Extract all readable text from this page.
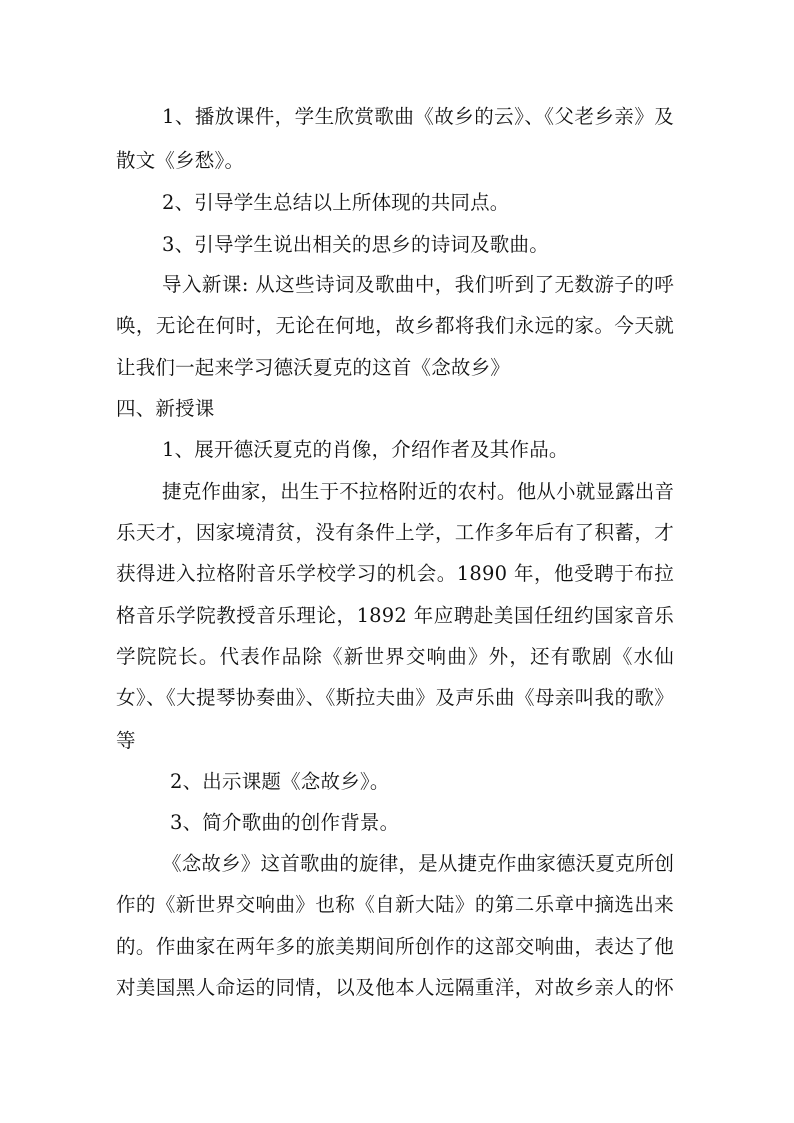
1、播放课件，学生欣赏歌曲《故乡的云》、《父老乡亲》及
散文《乡愁》。
2、引导学生总结以上所体现的共同点。
3、引导学生说出相关的思乡的诗词及歌曲。
导入新课: 从这些诗词及歌曲中，我们听到了无数游子的呼
唤，无论在何时，无论在何地，故乡都将我们永远的家。今天就
让我们一起来学习德沃夏克的这首《念故乡》
四、新授课
1、展开德沃夏克的肖像，介绍作者及其作品。
捷克作曲家，出生于不拉格附近的农村。他从小就显露出音
乐天才，因家境清贫，没有条件上学，工作多年后有了积蓄，才
获得进入拉格附音乐学校学习的机会。1890 年，他受聘于布拉
格音乐学院教授音乐理论，1892 年应聘赴美国任纽约国家音乐
学院院长。代表作品除《新世界交响曲》外，还有歌剧《水仙
女》、《大提琴协奏曲》、《斯拉夫曲》及声乐曲《母亲叫我的歌》
等
2、出示课题《念故乡》。
3、简介歌曲的创作背景。
《念故乡》这首歌曲的旋律，是从捷克作曲家德沃夏克所创
作的《新世界交响曲》也称《自新大陆》的第二乐章中摘选出来
的。作曲家在两年多的旅美期间所创作的这部交响曲，表达了他
对美国黑人命运的同情，以及他本人远隔重洋，对故乡亲人的怀
